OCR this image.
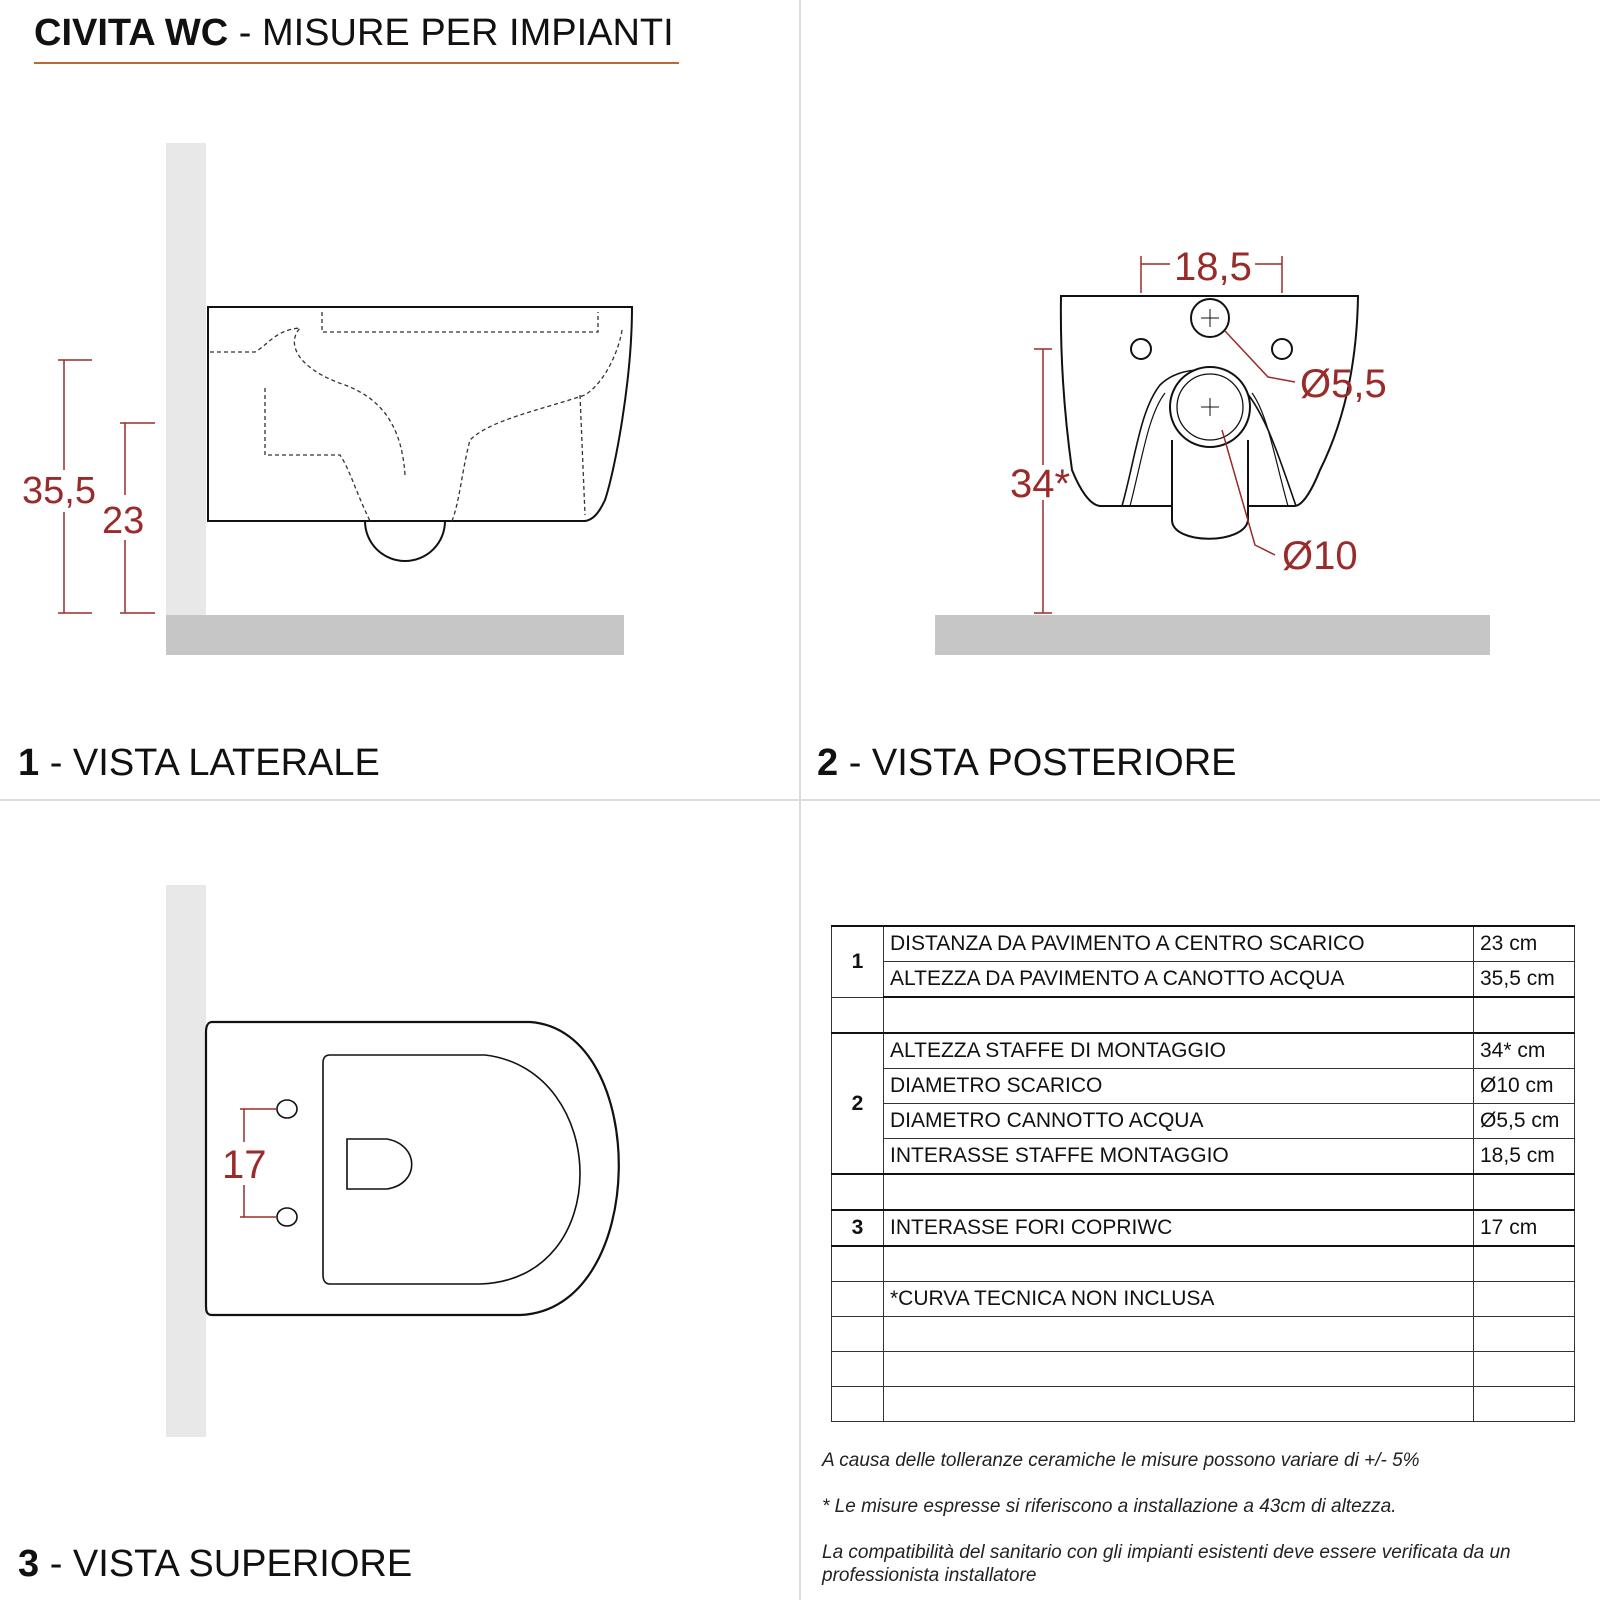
CIVITA WC - MISURE PER IMPIANTI
35,5
23
18,5
Ø5,5
Ø10
34*
17
1 - VISTA LATERALE	2 - VISTA POSTERIORE
3 - VISTA SUPERIORE
1	DISTANZA DA PAVIMENTO A CENTRO SCARICO	23 cm
	ALTEZZA DA PAVIMENTO A CANOTTO ACQUA	35,5 cm

2	ALTEZZA STAFFE DI MONTAGGIO	34* cm
	DIAMETRO SCARICO	Ø10 cm
	DIAMETRO CANNOTTO ACQUA	Ø5,5 cm
	INTERASSE STAFFE MONTAGGIO	18,5 cm

3	INTERASSE FORI COPRIWC	17 cm

	*CURVA TECNICA NON INCLUSA	

A causa delle tolleranze ceramiche le misure possono variare di +/- 5%
* Le misure espresse si riferiscono a installazione a 43cm di altezza.
La compatibilità del sanitario con gli impianti esistenti deve essere verificata da un professionista installatore
